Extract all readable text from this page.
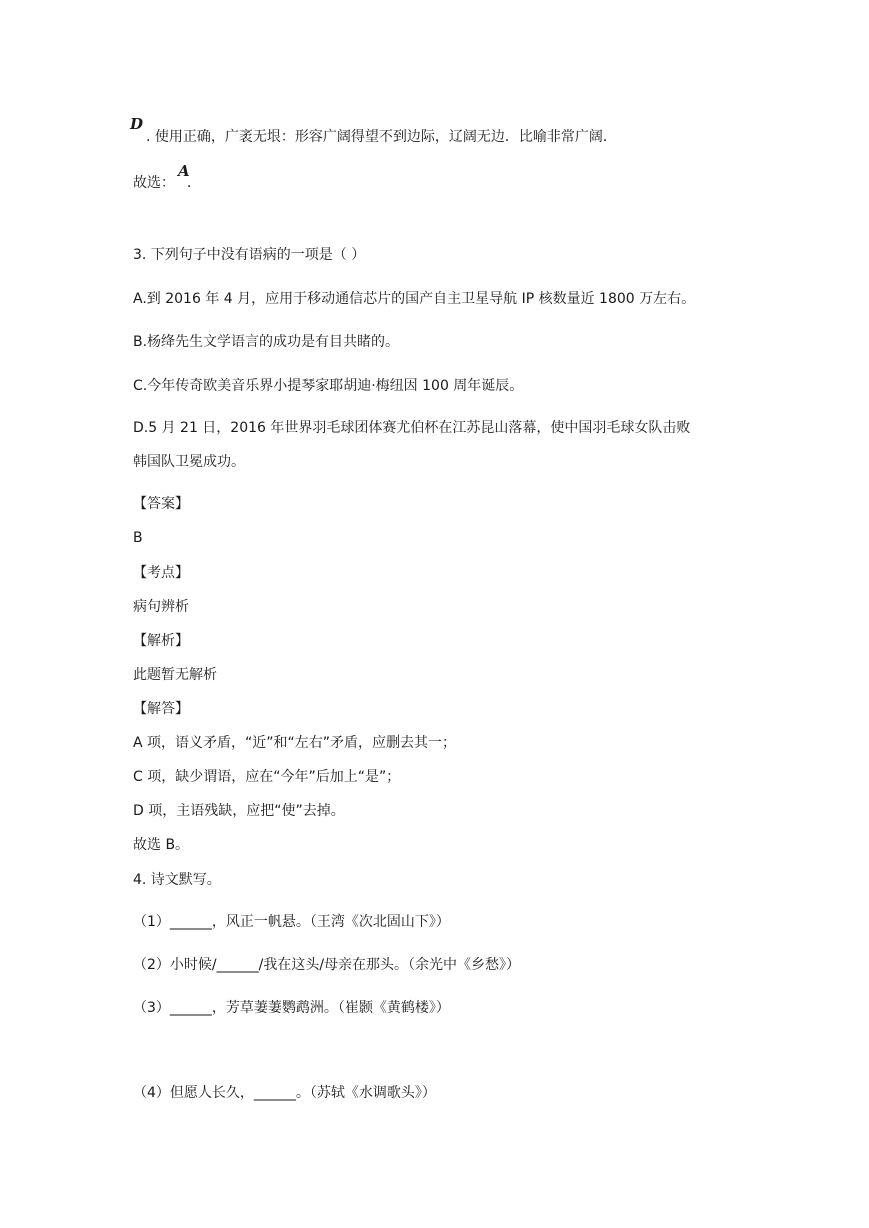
D
. 使用正确，广袤无垠：形容广阔得望不到边际，辽阔无边．比喻非常广阔．
故选： ．
A
3. 下列句子中没有语病的一项是（ ）
A.到 2016 年 4 月，应用于移动通信芯片的国产自主卫星导航 IP 核数量近 1800 万左右。
B.杨绛先生文学语言的成功是有目共睹的。
C.今年传奇欧美音乐界小提琴家耶胡迪·梅纽因 100 周年诞辰。
D.5 月 21 日，2016 年世界羽毛球团体赛尤伯杯在江苏昆山落幕，使中国羽毛球女队击败
韩国队卫冕成功。
【答案】
B
【考点】
病句辨析
【解析】
此题暂无解析
【解答】
A 项，语义矛盾，“近”和“左右”矛盾，应删去其一；
C 项，缺少谓语，应在“今年”后加上“是”；
D 项，主语残缺，应把“使”去掉。
故选 B。
4. 诗文默写。
（1）______，风正一帆悬。（王湾《次北固山下》）
（2）小时候/______/我在这头/母亲在那头。（余光中《乡愁》）
（3）______，芳草萋萋鹦鹉洲。（崔颢《黄鹤楼》）
（4）但愿人长久，______。（苏轼《水调歌头》）
